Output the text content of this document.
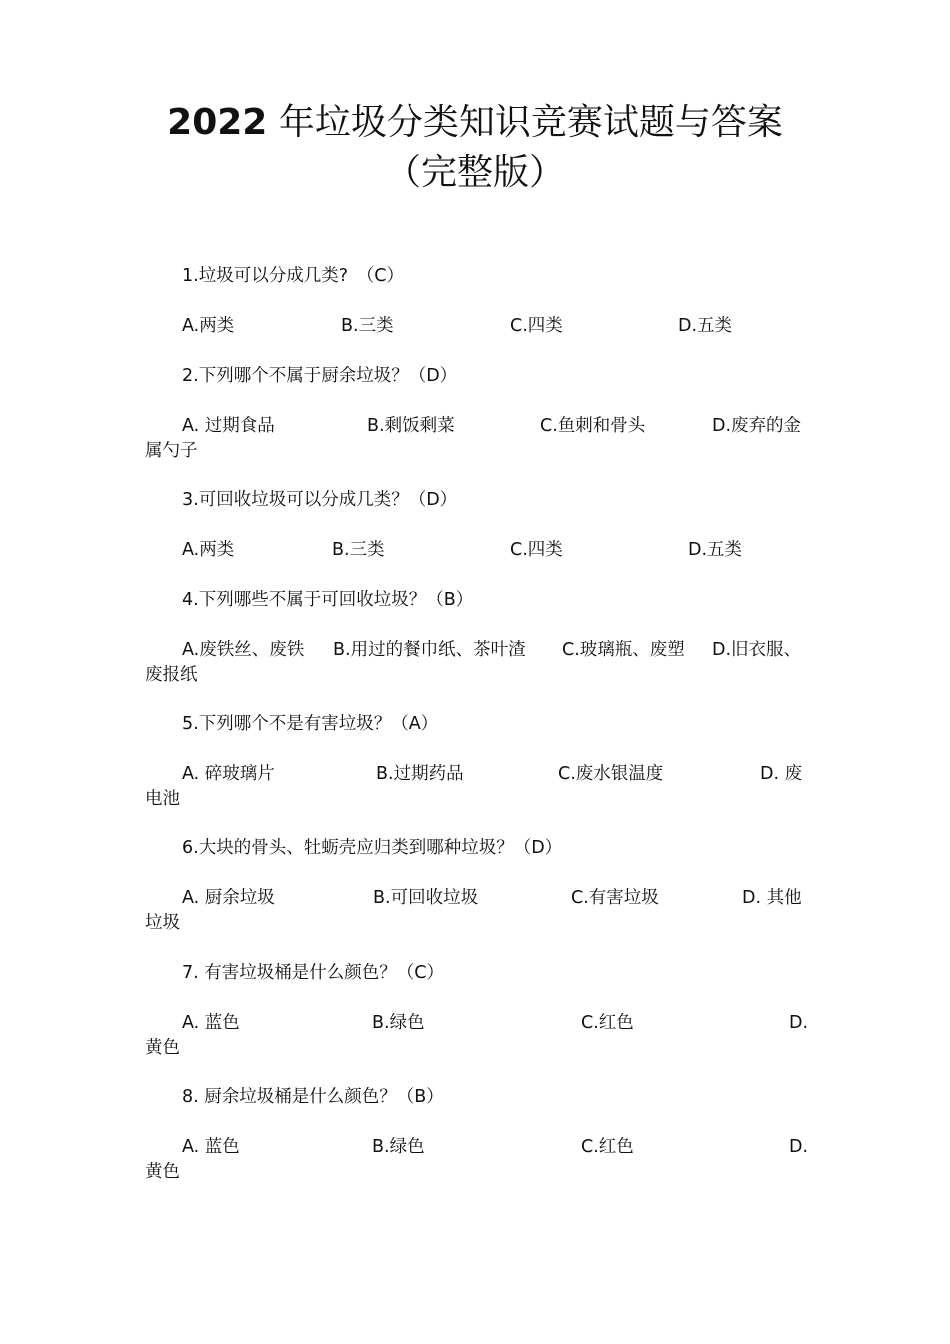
2022 年垃圾分类知识竞赛试题与答案
（完整版）
1.垃圾可以分成几类?　（C）
A.两类	B.三类	C.四类	D.五类
2.下列哪个不属于厨余垃圾？（D）
A. 过期食品	B.剩饭剩菜	C.鱼刺和骨头	D.废弃的金
属勺子
3.可回收垃圾可以分成几类？（D）
A.两类	B.三类	C.四类	D.五类
4.下列哪些不属于可回收垃圾？（B）
A.废铁丝、废铁 B.用过的餐巾纸、茶叶渣 C.玻璃瓶、废塑 D.旧衣服、
废报纸
5.下列哪个不是有害垃圾？（A）
A. 碎玻璃片	B.过期药品	C.废水银温度	D. 废
电池
6.大块的骨头、牡蛎壳应归类到哪种垃圾？（D）
A. 厨余垃圾	B.可回收垃圾	C.有害垃圾	D. 其他
垃圾
7. 有害垃圾桶是什么颜色？（C）
A. 蓝色	B.绿色	C.红色	D.
黄色
8. 厨余垃圾桶是什么颜色？（B）
A. 蓝色	B.绿色	C.红色	D.
黄色
